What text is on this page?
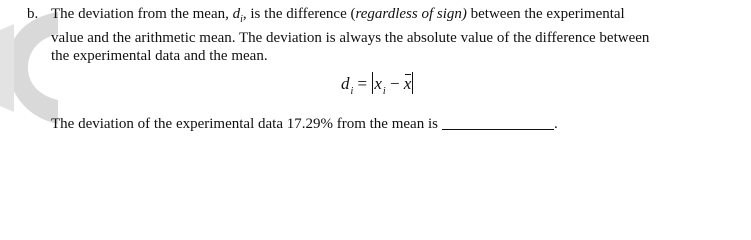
b. The deviation from the mean, $d_i$, is the difference (regardless of sign) between the experimental
value and the arithmetic mean. The deviation is always the absolute value of the difference between
the experimental data and the mean.
$d_i = x_i - x$
The deviation of the experimental data 17.29% from the mean is	.
